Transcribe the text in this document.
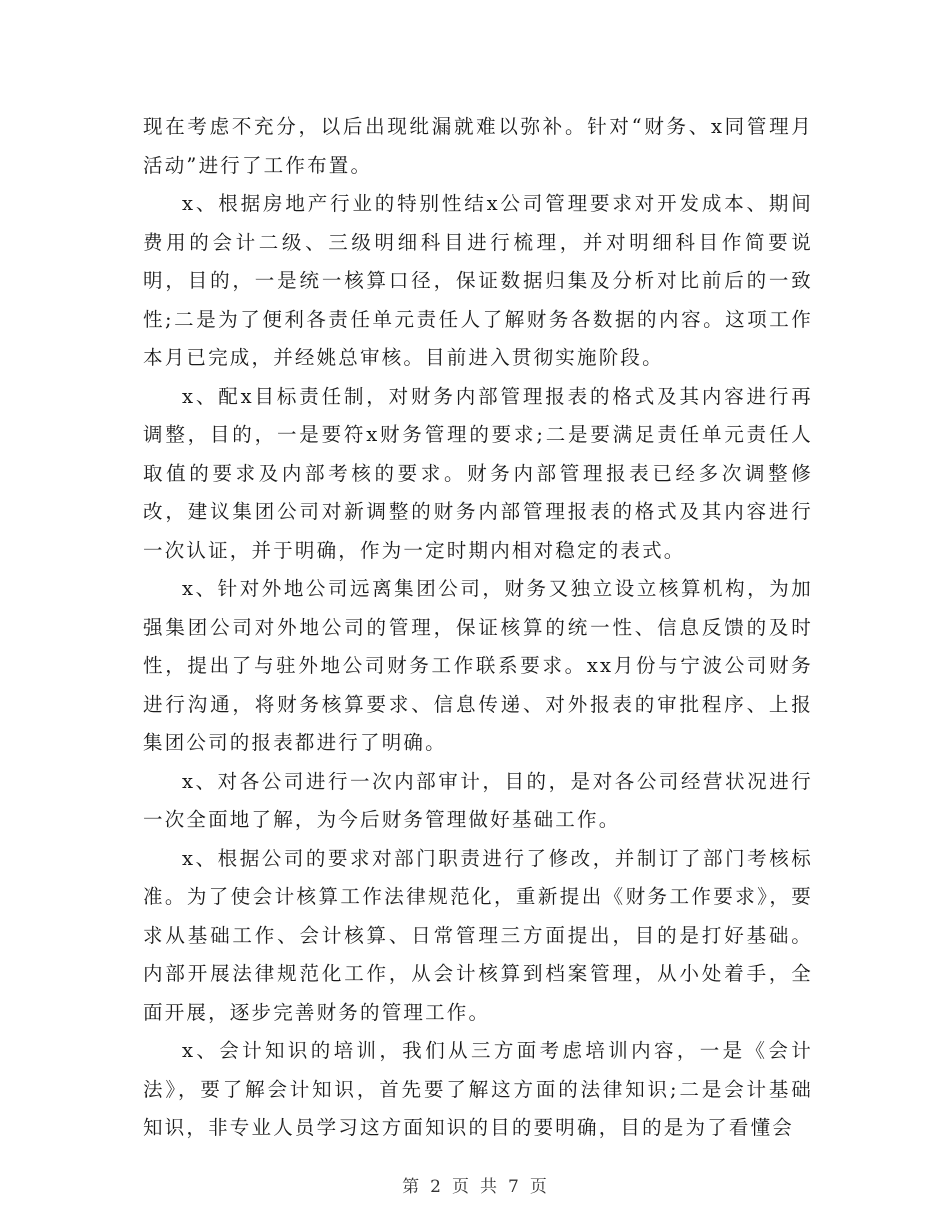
现在考虑不充分，以后出现纰漏就难以弥补。针对“财务、x同管理月活动”进行了工作布置。

x、根据房地产行业的特别性结x公司管理要求对开发成本、期间费用的会计二级、三级明细科目进行梳理，并对明细科目作简要说明，目的，一是统一核算口径，保证数据归集及分析对比前后的一致性;二是为了便利各责任单元责任人了解财务各数据的内容。这项工作本月已完成，并经姚总审核。目前进入贯彻实施阶段。

x、配x目标责任制，对财务内部管理报表的格式及其内容进行再调整，目的，一是要符x财务管理的要求;二是要满足责任单元责任人取值的要求及内部考核的要求。财务内部管理报表已经多次调整修改，建议集团公司对新调整的财务内部管理报表的格式及其内容进行一次认证，并于明确，作为一定时期内相对稳定的表式。

x、针对外地公司远离集团公司，财务又独立设立核算机构，为加强集团公司对外地公司的管理，保证核算的统一性、信息反馈的及时性，提出了与驻外地公司财务工作联系要求。xx月份与宁波公司财务进行沟通，将财务核算要求、信息传递、对外报表的审批程序、上报集团公司的报表都进行了明确。

x、对各公司进行一次内部审计，目的，是对各公司经营状况进行一次全面地了解，为今后财务管理做好基础工作。

x、根据公司的要求对部门职责进行了修改，并制订了部门考核标准。为了使会计核算工作法律规范化，重新提出《财务工作要求》，要求从基础工作、会计核算、日常管理三方面提出，目的是打好基础。内部开展法律规范化工作，从会计核算到档案管理，从小处着手，全面开展，逐步完善财务的管理工作。

x、会计知识的培训，我们从三方面考虑培训内容，一是《会计法》，要了解会计知识，首先要了解这方面的法律知识;二是会计基础知识，非专业人员学习这方面知识的目的要明确，目的是为了看懂会

第 2 页 共 7 页
